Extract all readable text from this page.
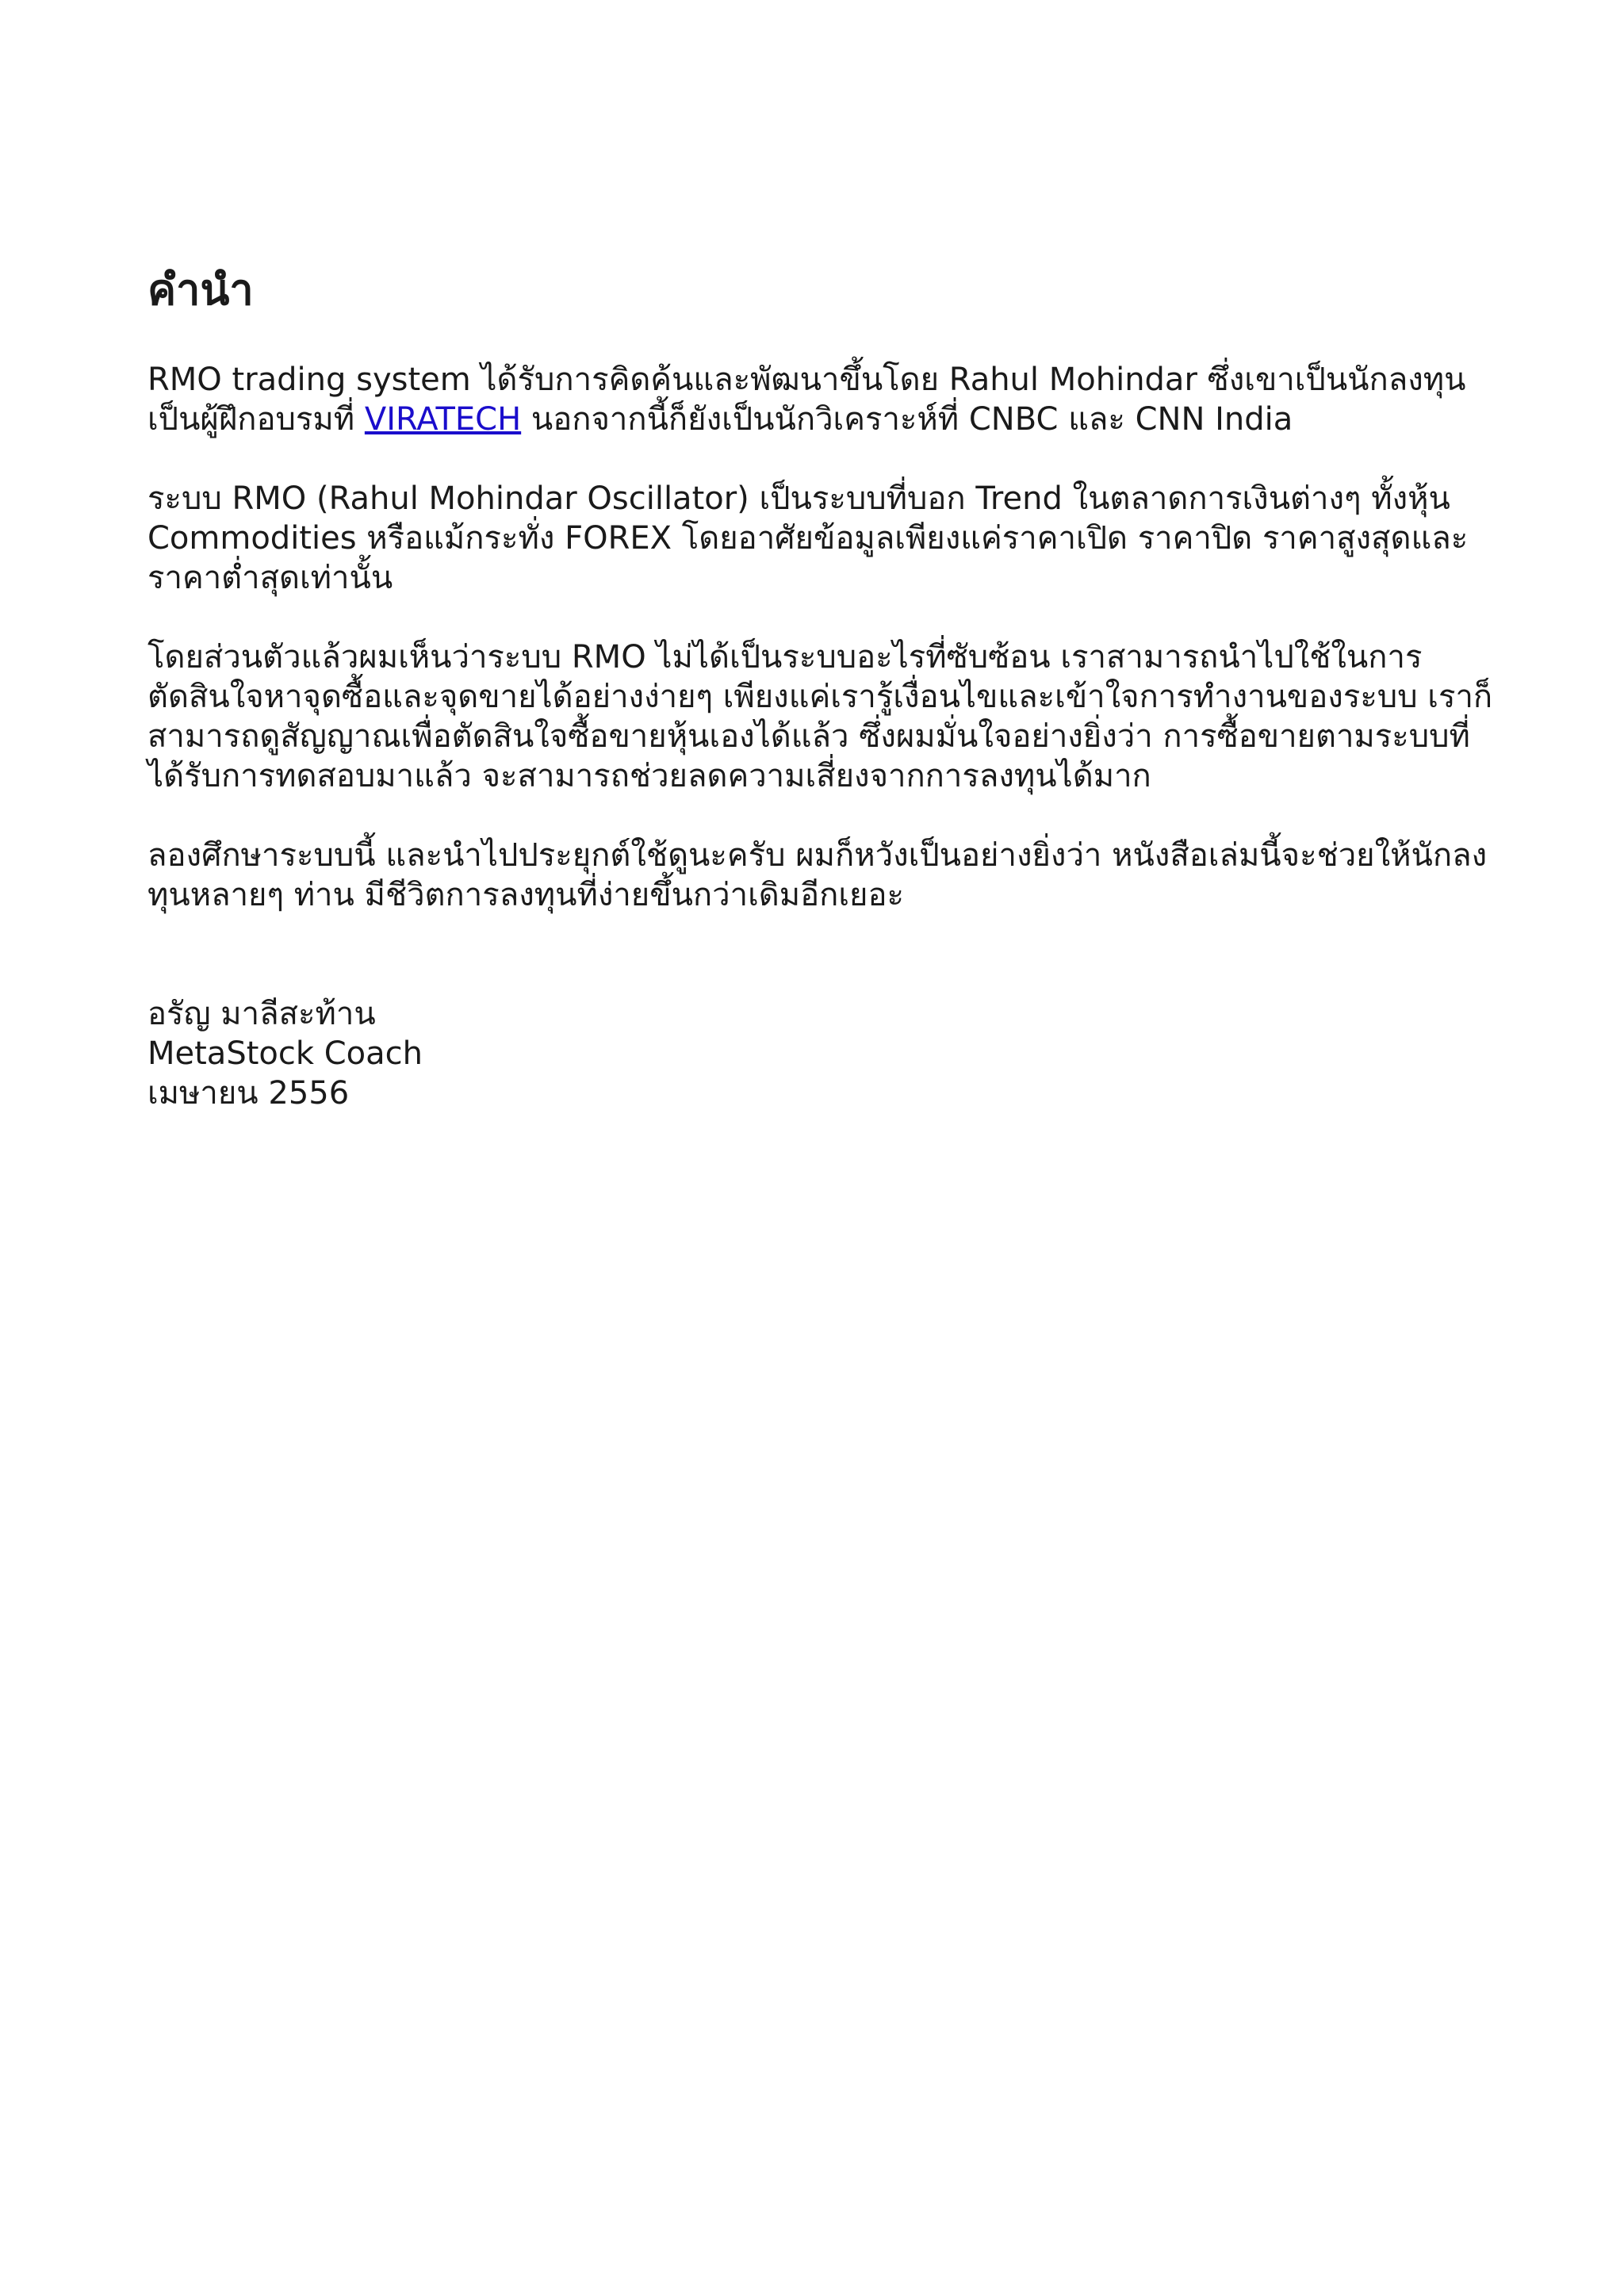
คำนำ

RMO trading system ได้รับการคิดค้นและพัฒนาขึ้นโดย Rahul Mohindar ซึ่งเขาเป็นนักลงทุน เป็นผู้ฝึกอบรมที่ VIRATECH นอกจากนี้ก็ยังเป็นนักวิเคราะห์ที่ CNBC และ CNN India

ระบบ RMO (Rahul Mohindar Oscillator) เป็นระบบที่บอก Trend ในตลาดการเงินต่างๆ ทั้งหุ้น Commodities หรือแม้กระทั่ง FOREX โดยอาศัยข้อมูลเพียงแค่ราคาเปิด ราคาปิด ราคาสูงสุดและราคาต่ำสุดเท่านั้น

โดยส่วนตัวแล้วผมเห็นว่าระบบ RMO ไม่ได้เป็นระบบอะไรที่ซับซ้อน เราสามารถนำไปใช้ในการตัดสินใจหาจุดซื้อและจุดขายได้อย่างง่ายๆ เพียงแค่เรารู้เงื่อนไขและเข้าใจการทำงานของระบบ เราก็สามารถดูสัญญาณเพื่อตัดสินใจซื้อขายหุ้นเองได้แล้ว ซึ่งผมมั่นใจอย่างยิ่งว่า การซื้อขายตามระบบที่ได้รับการทดสอบมาแล้ว จะสามารถช่วยลดความเสี่ยงจากการลงทุนได้มาก

ลองศึกษาระบบนี้ และนำไปประยุกต์ใช้ดูนะครับ ผมก็หวังเป็นอย่างยิ่งว่า หนังสือเล่มนี้จะช่วยให้นักลงทุนหลายๆ ท่าน มีชีวิตการลงทุนที่ง่ายขึ้นกว่าเดิมอีกเยอะ

อรัญ มาลีสะท้าน
MetaStock Coach
เมษายน 2556
